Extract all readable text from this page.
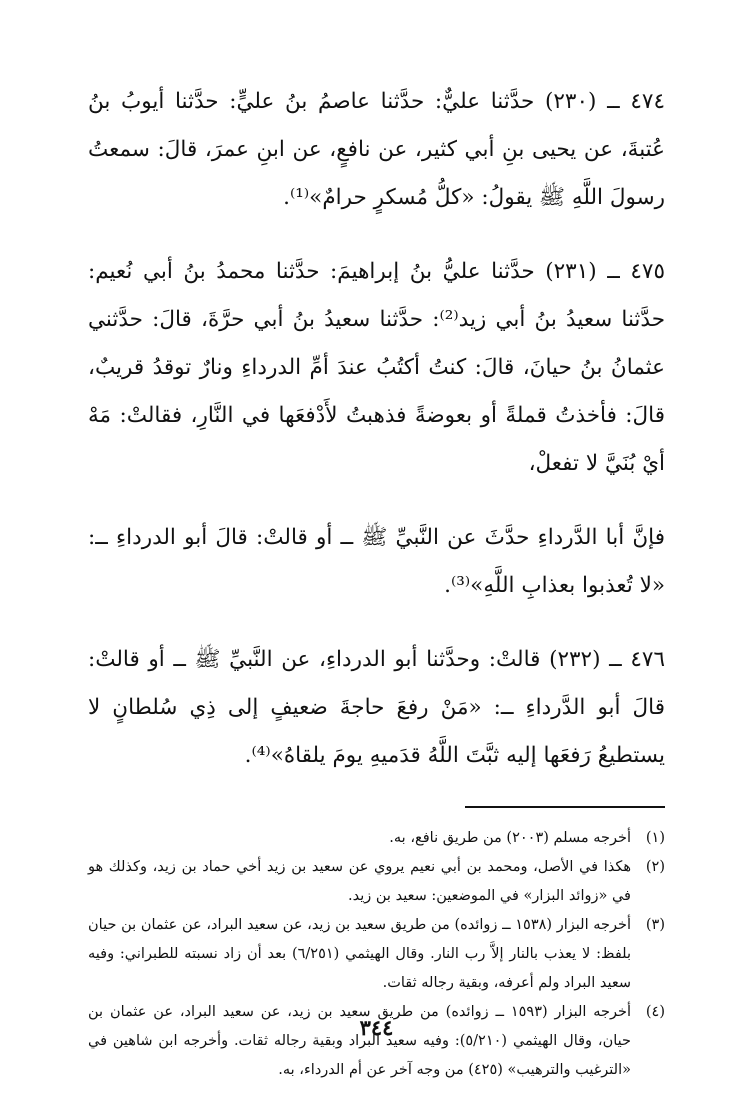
٤٧٤ ــ (٢٣٠) حدَّثنا عليٌّ: حدَّثنا عاصمُ بنُ عليٍّ: حدَّثنا أيوبُ بنُ عُتبةَ، عن يحيى بنِ أبي كثير، عن نافعٍ، عن ابنِ عمرَ، قالَ: سمعتُ رسولَ اللَّهِ ﷺ يقولُ: «كلُّ مُسكرٍ حرامٌ»⁽¹⁾.

٤٧٥ ــ (٢٣١) حدَّثنا عليُّ بنُ إبراهيمَ: حدَّثنا محمدُ بنُ أبي نُعيم: حدَّثنا سعيدُ بنُ أبي زيد⁽²⁾: حدَّثنا سعيدُ بنُ أبي حرَّةَ، قالَ: حدَّثني عثمانُ بنُ حيانَ، قالَ: كنتُ أكتُبُ عندَ أمِّ الدرداءِ ونارٌ توقدُ قريبٌ، قالَ: فأخذتُ قملةً أو بعوضةً فذهبتُ لأَدْفعَها في النَّارِ، فقالتْ: مَهْ أيْ بُنَيَّ لا تفعلْ،

فإنَّ أبا الدَّرداءِ حدَّثَ عن النَّبيِّ ﷺ ــ أو قالتْ: قالَ أبو الدرداءِ ــ: «لا تُعذبوا بعذابِ اللَّهِ»⁽³⁾.

٤٧٦ ــ (٢٣٢) قالتْ: وحدَّثنا أبو الدرداءِ، عن النَّبيِّ ﷺ ــ أو قالتْ: قالَ أبو الدَّرداءِ ــ: «مَنْ رفعَ حاجةَ ضعيفٍ إلى ذِي سُلطانٍ لا يستطيعُ رَفعَها إليه ثبَّتَ اللَّهُ قدَميهِ يومَ يلقاهُ»⁽⁴⁾.

(١)
أخرجه مسلم (٢٠٠٣) من طريق نافع، به.
(٢)
هكذا في الأصل، ومحمد بن أبي نعيم يروي عن سعيد بن زيد أخي حماد بن زيد، وكذلك هو في «زوائد البزار» في الموضعين: سعيد بن زيد.
(٣)
أخرجه البزار (١٥٣٨ ــ زوائده) من طريق سعيد بن زيد، عن سعيد البراد، عن عثمان بن حيان بلفظ: لا يعذب بالنار إلاَّ رب النار. وقال الهيثمي (٦/٢٥١) بعد أن زاد نسبته للطبراني: وفيه سعيد البراد ولم أعرفه، وبقية رجاله ثقات.
(٤)
أخرجه البزار (١٥٩٣ ــ زوائده) من طريق سعيد بن زيد، عن سعيد البراد، عن عثمان بن حيان، وقال الهيثمي (٥/٢١٠): وفيه سعيد البراد وبقية رجاله ثقات. وأخرجه ابن شاهين في «الترغيب والترهيب» (٤٢٥) من وجه آخر عن أم الدرداء، به.
٣٤٤
